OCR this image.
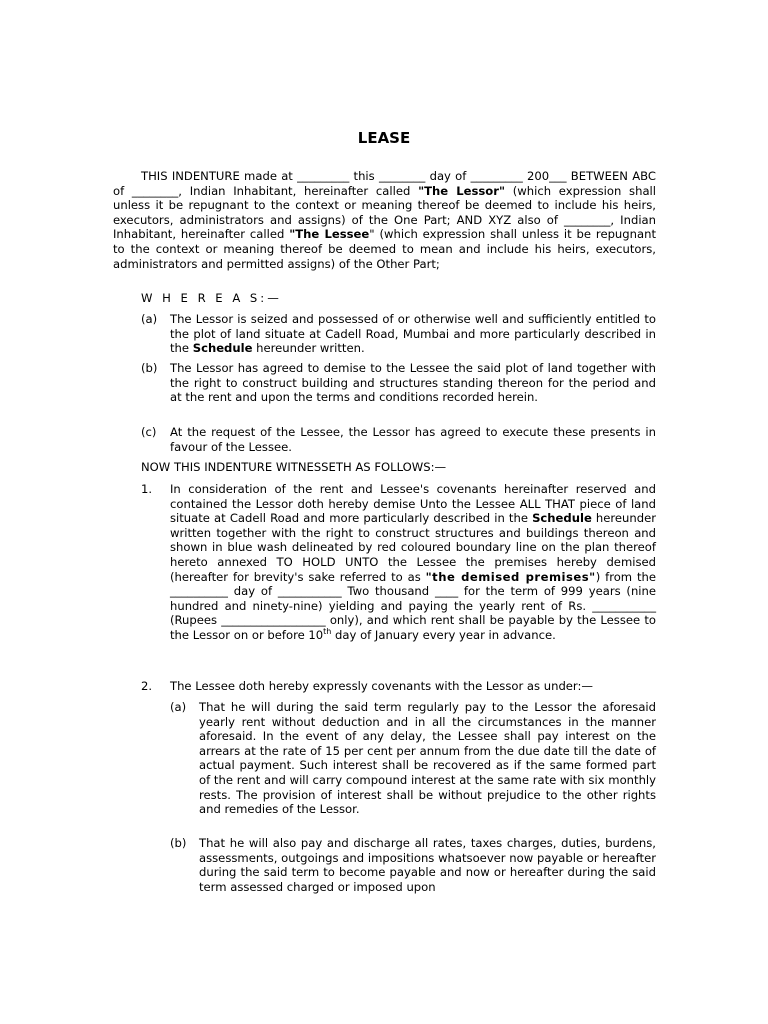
LEASE

THIS INDENTURE made at _________ this ________ day of _________ 200___ BETWEEN ABC of ________, Indian Inhabitant, hereinafter called "The Lessor" (which expression shall unless it be repugnant to the context or meaning thereof be deemed to include his heirs, executors, administrators and assigns) of the One Part; AND XYZ also of ________, Indian Inhabitant, hereinafter called "The Lessee" (which expression shall unless it be repugnant to the context or meaning thereof be deemed to mean and include his heirs, executors, administrators and permitted assigns) of the Other Part;

W H E R E A S:—
(a) The Lessor is seized and possessed of or otherwise well and sufficiently entitled to the plot of land situate at Cadell Road, Mumbai and more particularly described in the Schedule hereunder written.

(b) The Lessor has agreed to demise to the Lessee the said plot of land together with the right to construct building and structures standing thereon for the period and at the rent and upon the terms and conditions recorded herein.

(c) At the request of the Lessee, the Lessor has agreed to execute these presents in favour of the Lessee.

NOW THIS INDENTURE WITNESSETH AS FOLLOWS:—
1. In consideration of the rent and Lessee's covenants hereinafter reserved and contained the Lessor doth hereby demise Unto the Lessee ALL THAT piece of land situate at Cadell Road and more particularly described in the Schedule hereunder written together with the right to construct structures and buildings thereon and shown in blue wash delineated by red coloured boundary line on the plan thereof hereto annexed TO HOLD UNTO the Lessee the premises hereby demised (hereafter for brevity's sake referred to as "the demised premises") from the __________ day of ___________ Two thousand ____ for the term of 999 years (nine hundred and ninety-nine) yielding and paying the yearly rent of Rs. ___________ (Rupees __________________ only), and which rent shall be payable by the Lessee to the Lessor on or before 10th day of January every year in advance.

2. The Lessee doth hereby expressly covenants with the Lessor as under:—

(a) That he will during the said term regularly pay to the Lessor the aforesaid yearly rent without deduction and in all the circumstances in the manner aforesaid. In the event of any delay, the Lessee shall pay interest on the arrears at the rate of 15 per cent per annum from the due date till the date of actual payment. Such interest shall be recovered as if the same formed part of the rent and will carry compound interest at the same rate with six monthly rests. The provision of interest shall be without prejudice to the other rights and remedies of the Lessor.

(b) That he will also pay and discharge all rates, taxes charges, duties, burdens, assessments, outgoings and impositions whatsoever now payable or hereafter during the said term to become payable and now or hereafter during the said term assessed charged or imposed upon
